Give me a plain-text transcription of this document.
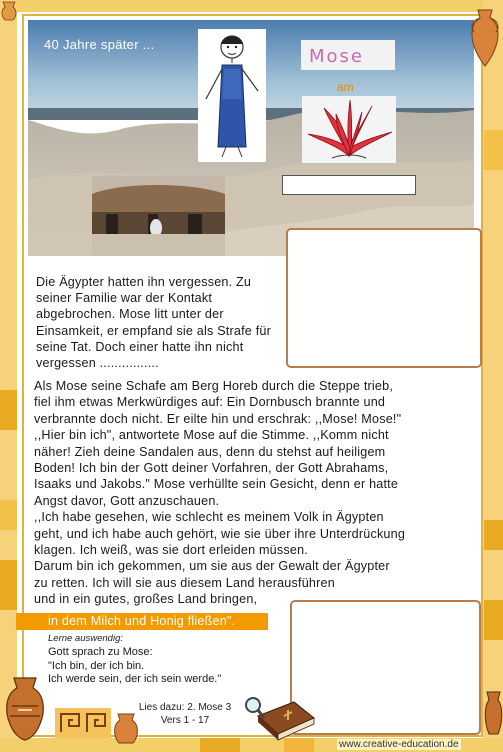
40 Jahre später ...
Mose
am
Die Ägypter hatten ihn vergessen. Zu seiner Familie war der Kontakt abgebrochen. Mose litt unter der Einsamkeit, er empfand sie als Strafe für seine Tat. Doch einer hatte ihn nicht vergessen ................

Als Mose seine Schafe am Berg Horeb durch die Steppe trieb,

fiel ihm etwas Merkwürdiges auf: Ein Dornbusch brannte und

verbrannte doch nicht. Er eilte hin und erschrak: ,,Mose! Mose!"

,,Hier bin ich", antwortete Mose auf die Stimme. ,,Komm nicht

näher! Zieh deine Sandalen aus, denn du stehst auf heiligem

Boden! Ich bin der Gott deiner Vorfahren, der Gott Abrahams,

Isaaks und Jakobs." Mose verhüllte sein Gesicht, denn er hatte

Angst davor, Gott anzuschauen.

,,Ich habe gesehen, wie schlecht es meinem Volk in Ägypten

geht, und ich habe auch gehört, wie sie über ihre Unterdrückung

klagen. Ich weiß, was sie dort erleiden müssen.

Darum bin ich gekommen, um sie aus der Gewalt der Ägypter

zu retten. Ich will sie aus diesem Land herausführen

und in ein gutes, großes Land bringen,

in dem Milch und Honig fließen".
Lerne auswendig:

Gott sprach zu Mose:

"Ich bin, der ich bin.

Ich werde sein, der ich sein werde."

Lies dazu: 2. Mose 3
Vers 1 - 17
www.creative-education.de
